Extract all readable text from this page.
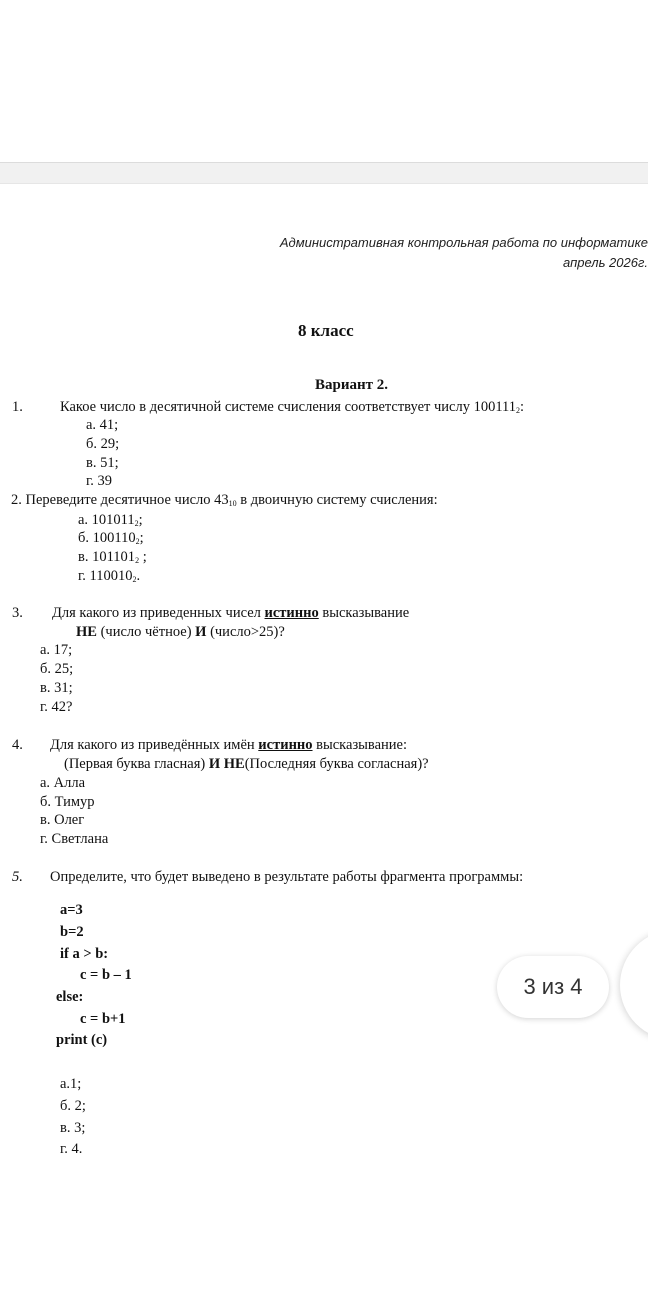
Административная контрольная работа по информатике
апрель 2026г.
8 класс
Вариант 2.
1.	Какое число в десятичной системе счисления соответствует числу $100111_2$:
а. 41;
б. 29;
в. 51;
г. 39
2. Переведите десятичное число $43_{10}$ в двоичную систему счисления:
а. $101011_2$;
б. $100110_2$;
в. $101101_2$ ;
г. $110010_2$.
3. Для какого из приведенных чисел истинно высказывание
НЕ (число чётное) И (число>25)?
а. 17;
б. 25;
в. 31;
г. 42?
4. Для какого из приведённых имён истинно высказывание:
(Первая буква гласная) И НЕ(Последняя буква согласная)?
а. Алла
б. Тимур
в. Олег
г. Светлана
5. Определите, что будет выведено в результате работы фрагмента программы:
a=3
b=2
if a > b:
c = b – 1
else:
c = b+1
print (c)
а.1;
б. 2;
в. 3;
г. 4.
3 из 4
